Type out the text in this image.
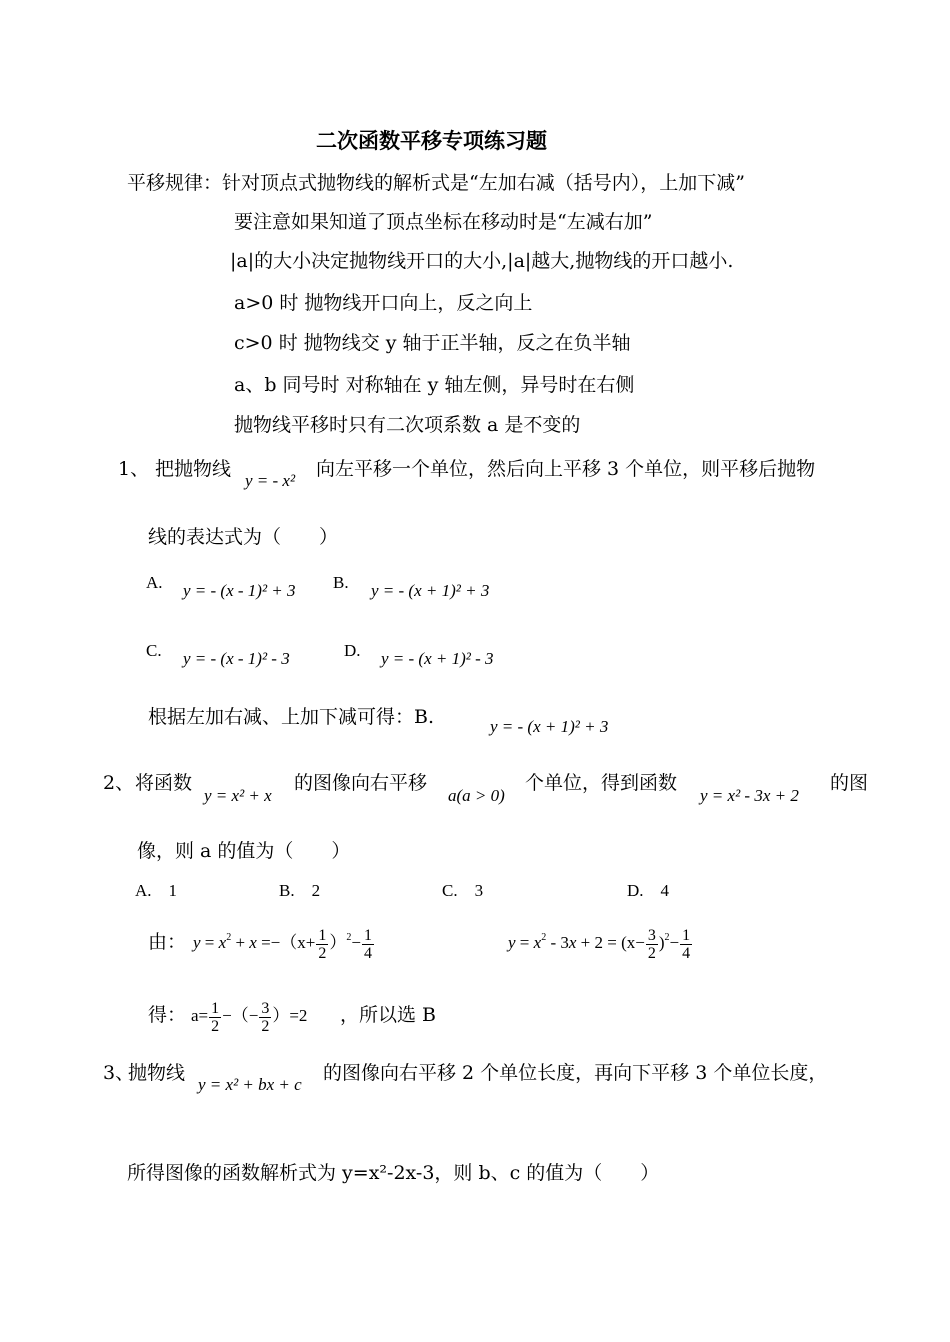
二次函数平移专项练习题
平移规律：针对顶点式抛物线的解析式是“左加右减（括号内），上加下减”
要注意如果知道了顶点坐标在移动时是“左减右加”
|a|的大小决定抛物线开口的大小,|a|越大,抛物线的开口越小.
a>0 时 抛物线开口向上，反之向上
c>0 时 抛物线交 y 轴于正半轴，反之在负半轴
a、b 同号时 对称轴在 y 轴左侧，异号时在右侧
抛物线平移时只有二次项系数 a 是不变的
1、 把抛物线
y = - x²
向左平移一个单位，然后向上平移 3 个单位，则平移后抛物
线的表达式为（　　）
A. y = - (x - 1)² + 3 B. y = - (x + 1)² + 3
C. y = - (x - 1)² - 3	D. y = - (x + 1)² - 3
根据左加右减、上加下减可得：B.	y = - (x + 1)² + 3
2、 将函数
y = x² + x
的图像向右平移
a(a > 0)
个单位，得到函数
y = x² - 3x + 2
的图
像，则 a 的值为（　　）
A.　1	B.　2	C.　3	D.　4
由： $y = x^2 + x =-(x+ \frac{1}{2} )^2- \frac{1}{4}$	$y = x^2 - 3x + 2 = (x- \frac{3}{2} )^2- \frac{1}{4}$
得： $a= \frac{1}{2}$ −（− $\frac{3}{2} )=2$ ，所以选 B
3、
抛物线
y = x² + bx + c
的图像向右平移 2 个单位长度，再向下平移 3 个单位长度，
所得图像的函数解析式为 y=x²-2x-3，则 b、c 的值为（　　）
